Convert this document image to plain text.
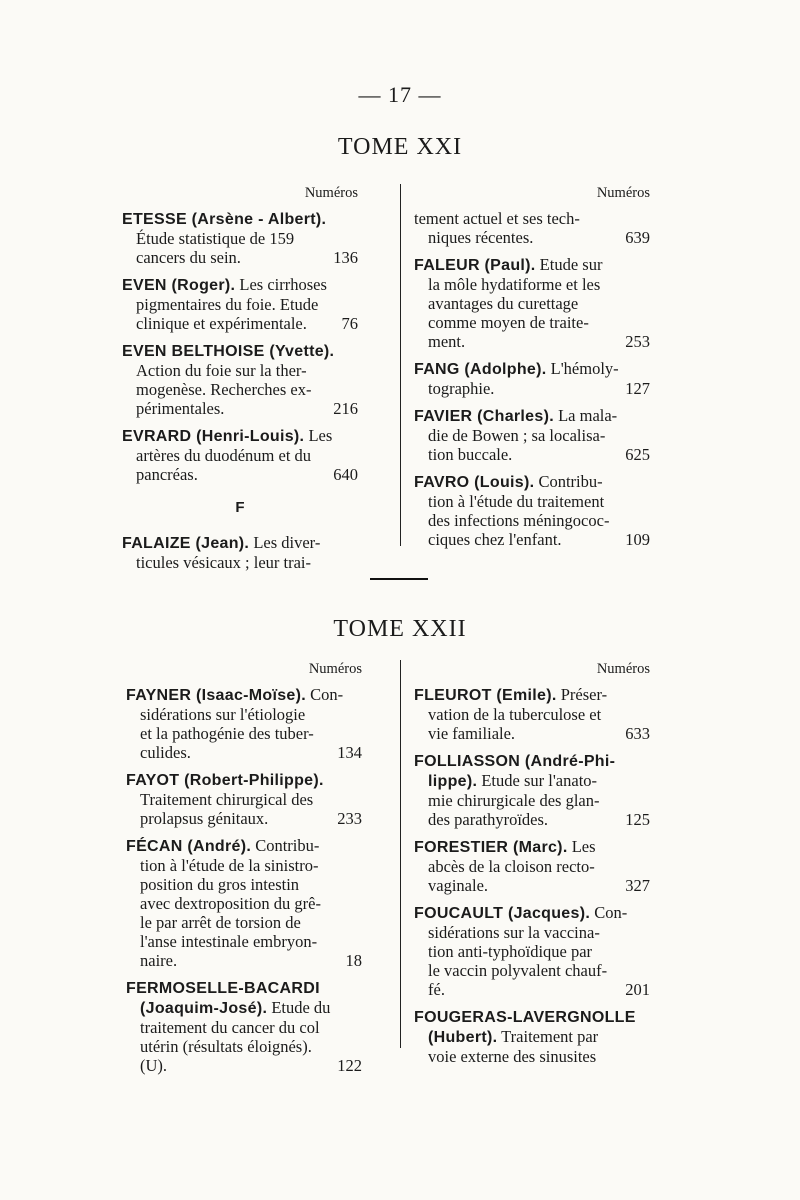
— 17 —
TOME XXI
Numéros
ETESSE (Arsène - Albert).
Étude statistique de 159
136
cancers du sein.
EVEN (Roger). Les cirrhoses
pigmentaires du foie. Etude
76
clinique et expérimentale.
EVEN BELTHOISE (Yvette).
Action du foie sur la ther-
mogenèse. Recherches ex-
216
périmentales.
EVRARD (Henri-Louis). Les
artères du duodénum et du
640
pancréas.
F
FALAIZE (Jean). Les diver-
ticules vésicaux ; leur trai-
Numéros
tement actuel et ses tech-
639
niques récentes.
FALEUR (Paul). Etude sur
la môle hydatiforme et les
avantages du curettage
comme moyen de traite-
253
ment.
FANG (Adolphe). L'hémoly-
127
tographie.
FAVIER (Charles). La mala-
die de Bowen ; sa localisa-
625
tion buccale.
FAVRO (Louis). Contribu-
tion à l'étude du traitement
des infections méningococ-
109
ciques chez l'enfant.
TOME XXII
Numéros
FAYNER (Isaac-Moïse). Con-
sidérations sur l'étiologie
et la pathogénie des tuber-
134
culides.
FAYOT (Robert-Philippe).
Traitement chirurgical des
233
prolapsus génitaux.
FÉCAN (André). Contribu-
tion à l'étude de la sinistro-
position du gros intestin
avec dextroposition du grê-
le par arrêt de torsion de
l'anse intestinale embryon-
18
naire.
FERMOSELLE-BACARDI
(Joaquim-José). Etude du
traitement du cancer du col
utérin (résultats éloignés).
122
(U).
Numéros
FLEUROT (Emile). Préser-
vation de la tuberculose et
633
vie familiale.
FOLLIASSON (André-Phi-
lippe). Etude sur l'anato-
mie chirurgicale des glan-
125
des parathyroïdes.
FORESTIER (Marc). Les
abcès de la cloison recto-
327
vaginale.
FOUCAULT (Jacques). Con-
sidérations sur la vaccina-
tion anti-typhoïdique par
le vaccin polyvalent chauf-
201
fé.
FOUGERAS-LAVERGNOLLE
(Hubert). Traitement par
voie externe des sinusites
